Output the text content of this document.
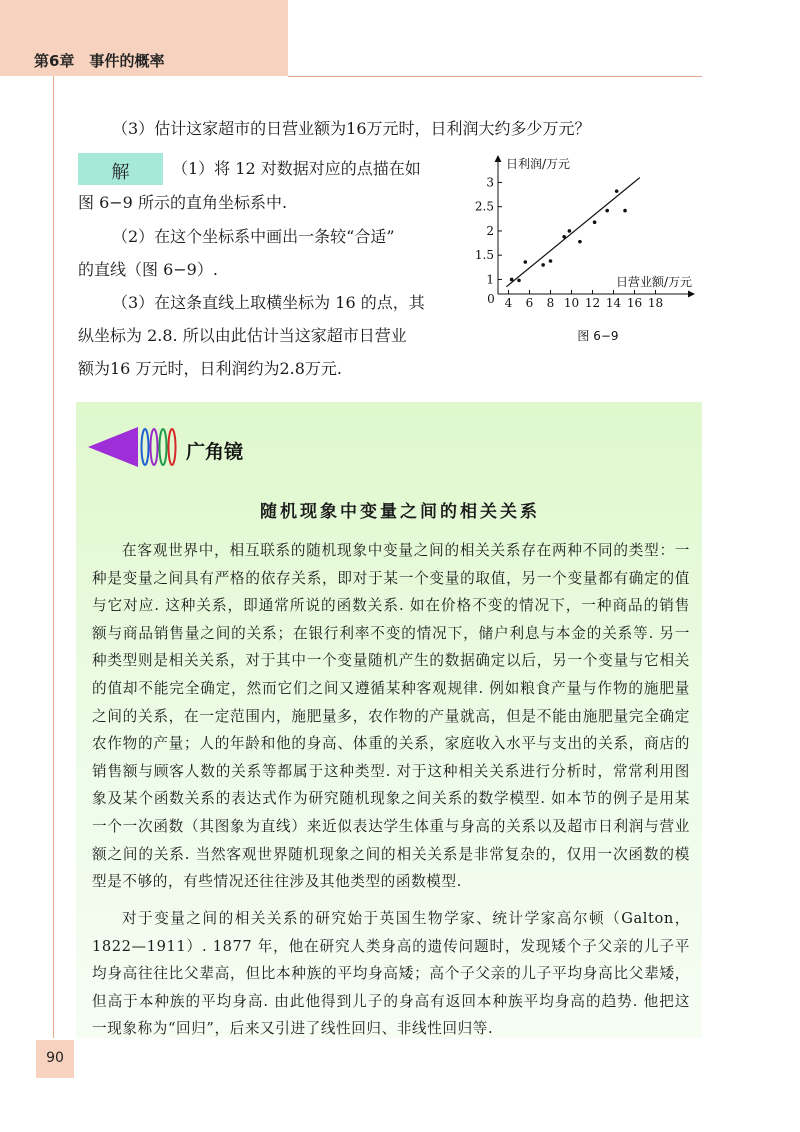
第6章　事件的概率
（3）估计这家超市的日营业额为16万元时，日利润大约多少万元？
解	（1）将 12 对数据对应的点描在如
图 6−9 所示的直角坐标系中.
（2）在这个坐标系中画出一条较“合适”
的直线（图 6−9）.
（3）在这条直线上取横坐标为 16 的点，其
纵坐标为 2.8. 所以由此估计当这家超市日营业
额为16 万元时，日利润约为2.8万元.
日利润/万元
日营业额/万元
0 4 6 8 10 12 14 16 18
1
1.5
2
2.5
3
图 6−9
广角镜
随机现象中变量之间的相关关系

在客观世界中，相互联系的随机现象中变量之间的相关关系存在两种不同的类型：一种是变量之间具有严格的依存关系，即对于某一个变量的取值，另一个变量都有确定的值与它对应. 这种关系，即通常所说的函数关系. 如在价格不变的情况下，一种商品的销售额与商品销售量之间的关系；在银行利率不变的情况下，储户利息与本金的关系等. 另一种类型则是相关关系，对于其中一个变量随机产生的数据确定以后，另一个变量与它相关的值却不能完全确定，然而它们之间又遵循某种客观规律. 例如粮食产量与作物的施肥量之间的关系，在一定范围内，施肥量多，农作物的产量就高，但是不能由施肥量完全确定农作物的产量；人的年龄和他的身高、体重的关系，家庭收入水平与支出的关系，商店的销售额与顾客人数的关系等都属于这种类型. 对于这种相关关系进行分析时，常常利用图象及某个函数关系的表达式作为研究随机现象之间关系的数学模型. 如本节的例子是用某一个一次函数（其图象为直线）来近似表达学生体重与身高的关系以及超市日利润与营业额之间的关系. 当然客观世界随机现象之间的相关关系是非常复杂的，仅用一次函数的模型是不够的，有些情况还往往涉及其他类型的函数模型.

对于变量之间的相关关系的研究始于英国生物学家、统计学家高尔顿（Galton，1822—1911）. 1877 年，他在研究人类身高的遗传问题时，发现矮个子父亲的儿子平均身高往往比父辈高，但比本种族的平均身高矮；高个子父亲的儿子平均身高比父辈矮，但高于本种族的平均身高. 由此他得到儿子的身高有返回本种族平均身高的趋势. 他把这一现象称为“回归”，后来又引进了线性回归、非线性回归等.

90
